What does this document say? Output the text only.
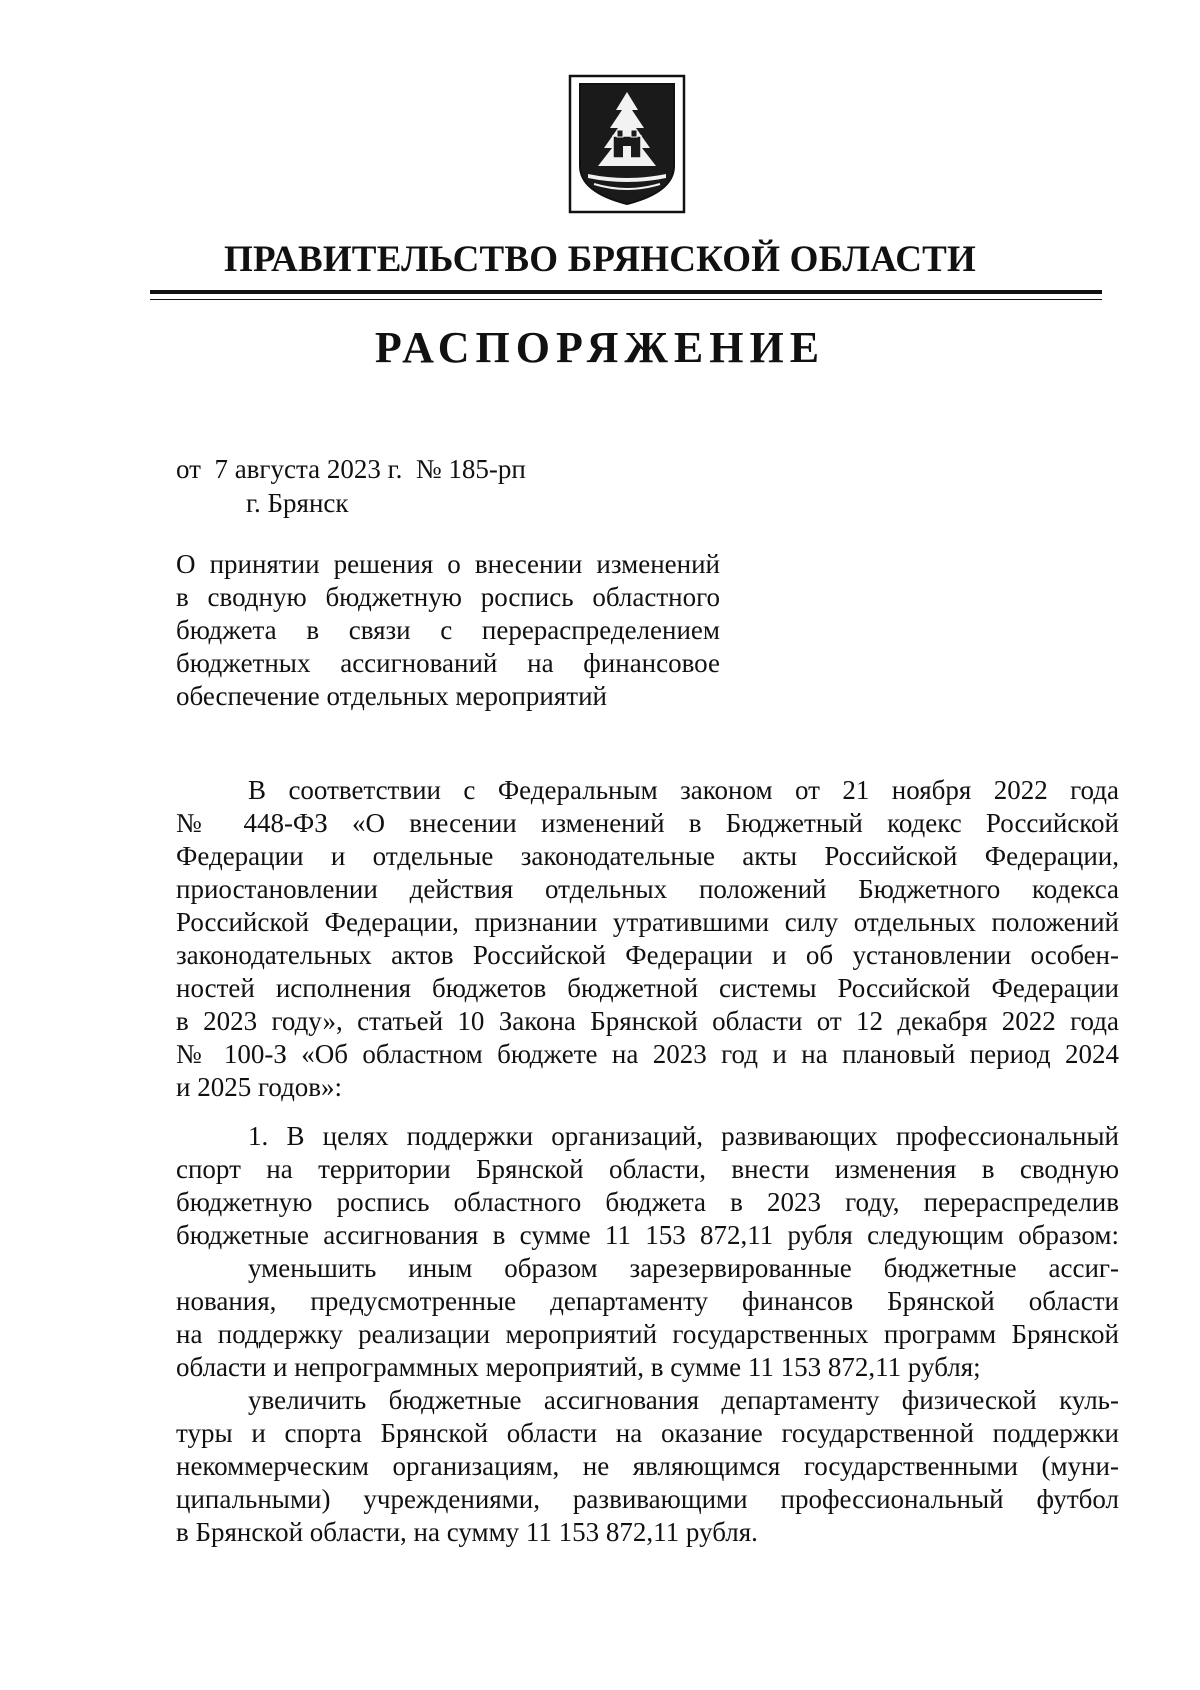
ПРАВИТЕЛЬСТВО БРЯНСКОЙ ОБЛАСТИ
РАСПОРЯЖЕНИЕ
от  7 августа 2023 г.  № 185-рп
г. Брянск
О принятии решения о внесении изменений
в сводную бюджетную роспись областного
бюджета в связи с перераспределением
бюджетных ассигнований на финансовое
обеспечение отдельных мероприятий

В соответствии с Федеральным законом от 21 ноября 2022 года
№ 448-ФЗ «О внесении изменений в Бюджетный кодекс Российской
Федерации и отдельные законодательные акты Российской Федерации,
приостановлении действия отдельных положений Бюджетного кодекса
Российской Федерации, признании утратившими силу отдельных положений
законодательных актов Российской Федерации и об установлении особен-
ностей исполнения бюджетов бюджетной системы Российской Федерации
в 2023 году», статьей 10 Закона Брянской области от 12 декабря 2022 года
№ 100-З «Об областном бюджете на 2023 год и на плановый период 2024
и 2025 годов»:

1. В целях поддержки организаций, развивающих профессиональный
спорт на территории Брянской области, внести изменения в сводную
бюджетную роспись областного бюджета в 2023 году, перераспределив
бюджетные ассигнования в сумме 11 153 872,11 рубля следующим образом:

уменьшить иным образом зарезервированные бюджетные ассиг-
нования, предусмотренные департаменту финансов Брянской области
на поддержку реализации мероприятий государственных программ Брянской
области и непрограммных мероприятий, в сумме 11 153 872,11 рубля;

увеличить бюджетные ассигнования департаменту физической куль-
туры и спорта Брянской области на оказание государственной поддержки
некоммерческим организациям, не являющимся государственными (муни-
ципальными) учреждениями, развивающими профессиональный футбол
в Брянской области, на сумму 11 153 872,11 рубля.
